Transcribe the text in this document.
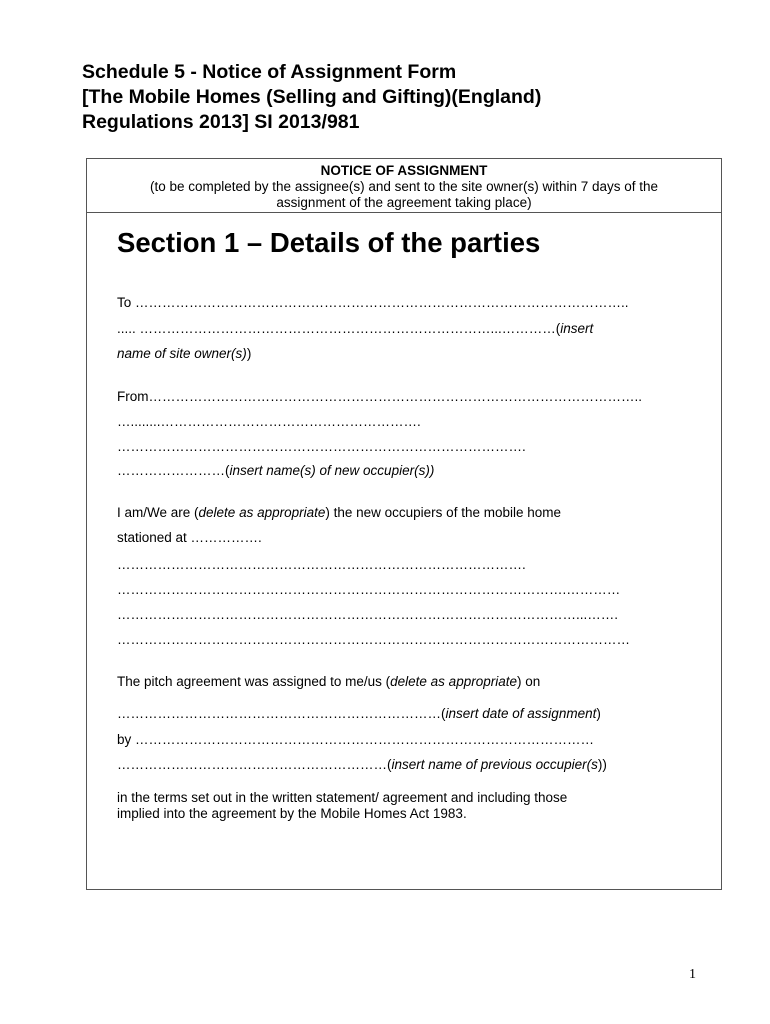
Schedule 5 - Notice of Assignment Form
[The Mobile Homes (Selling and Gifting)(England)
Regulations 2013] SI 2013/981
NOTICE OF ASSIGNMENT
(to be completed by the assignee(s) and sent to the site owner(s) within 7 days of the
assignment of the agreement taking place)
Section 1 – Details of the parties
To ………………………………………………………………………………………………..
..... ……………………………………………………………………...…………(insert
name of site owner(s))
From………………………………………………………………………………………………..
…........………………………………………………….
……………………………………………………………………………….
……………………(insert name(s) of new occupier(s))
I am/We are (delete as appropriate) the new occupiers of the mobile home
stationed at …………….
……………………………………………………………………………….
……………………………………………………………………………………….…………
…………………………………………………………………………………………...…….
……………………………………………………………………………………………………
The pitch agreement was assigned to me/us (delete as appropriate) on
………………………………………………………………(insert date of assignment)
by …………………………………………………………………………………………
……………………………………………………(insert name of previous occupier(s))
in the terms set out in the written statement/ agreement and including those
implied into the agreement by the Mobile Homes Act 1983.
1
